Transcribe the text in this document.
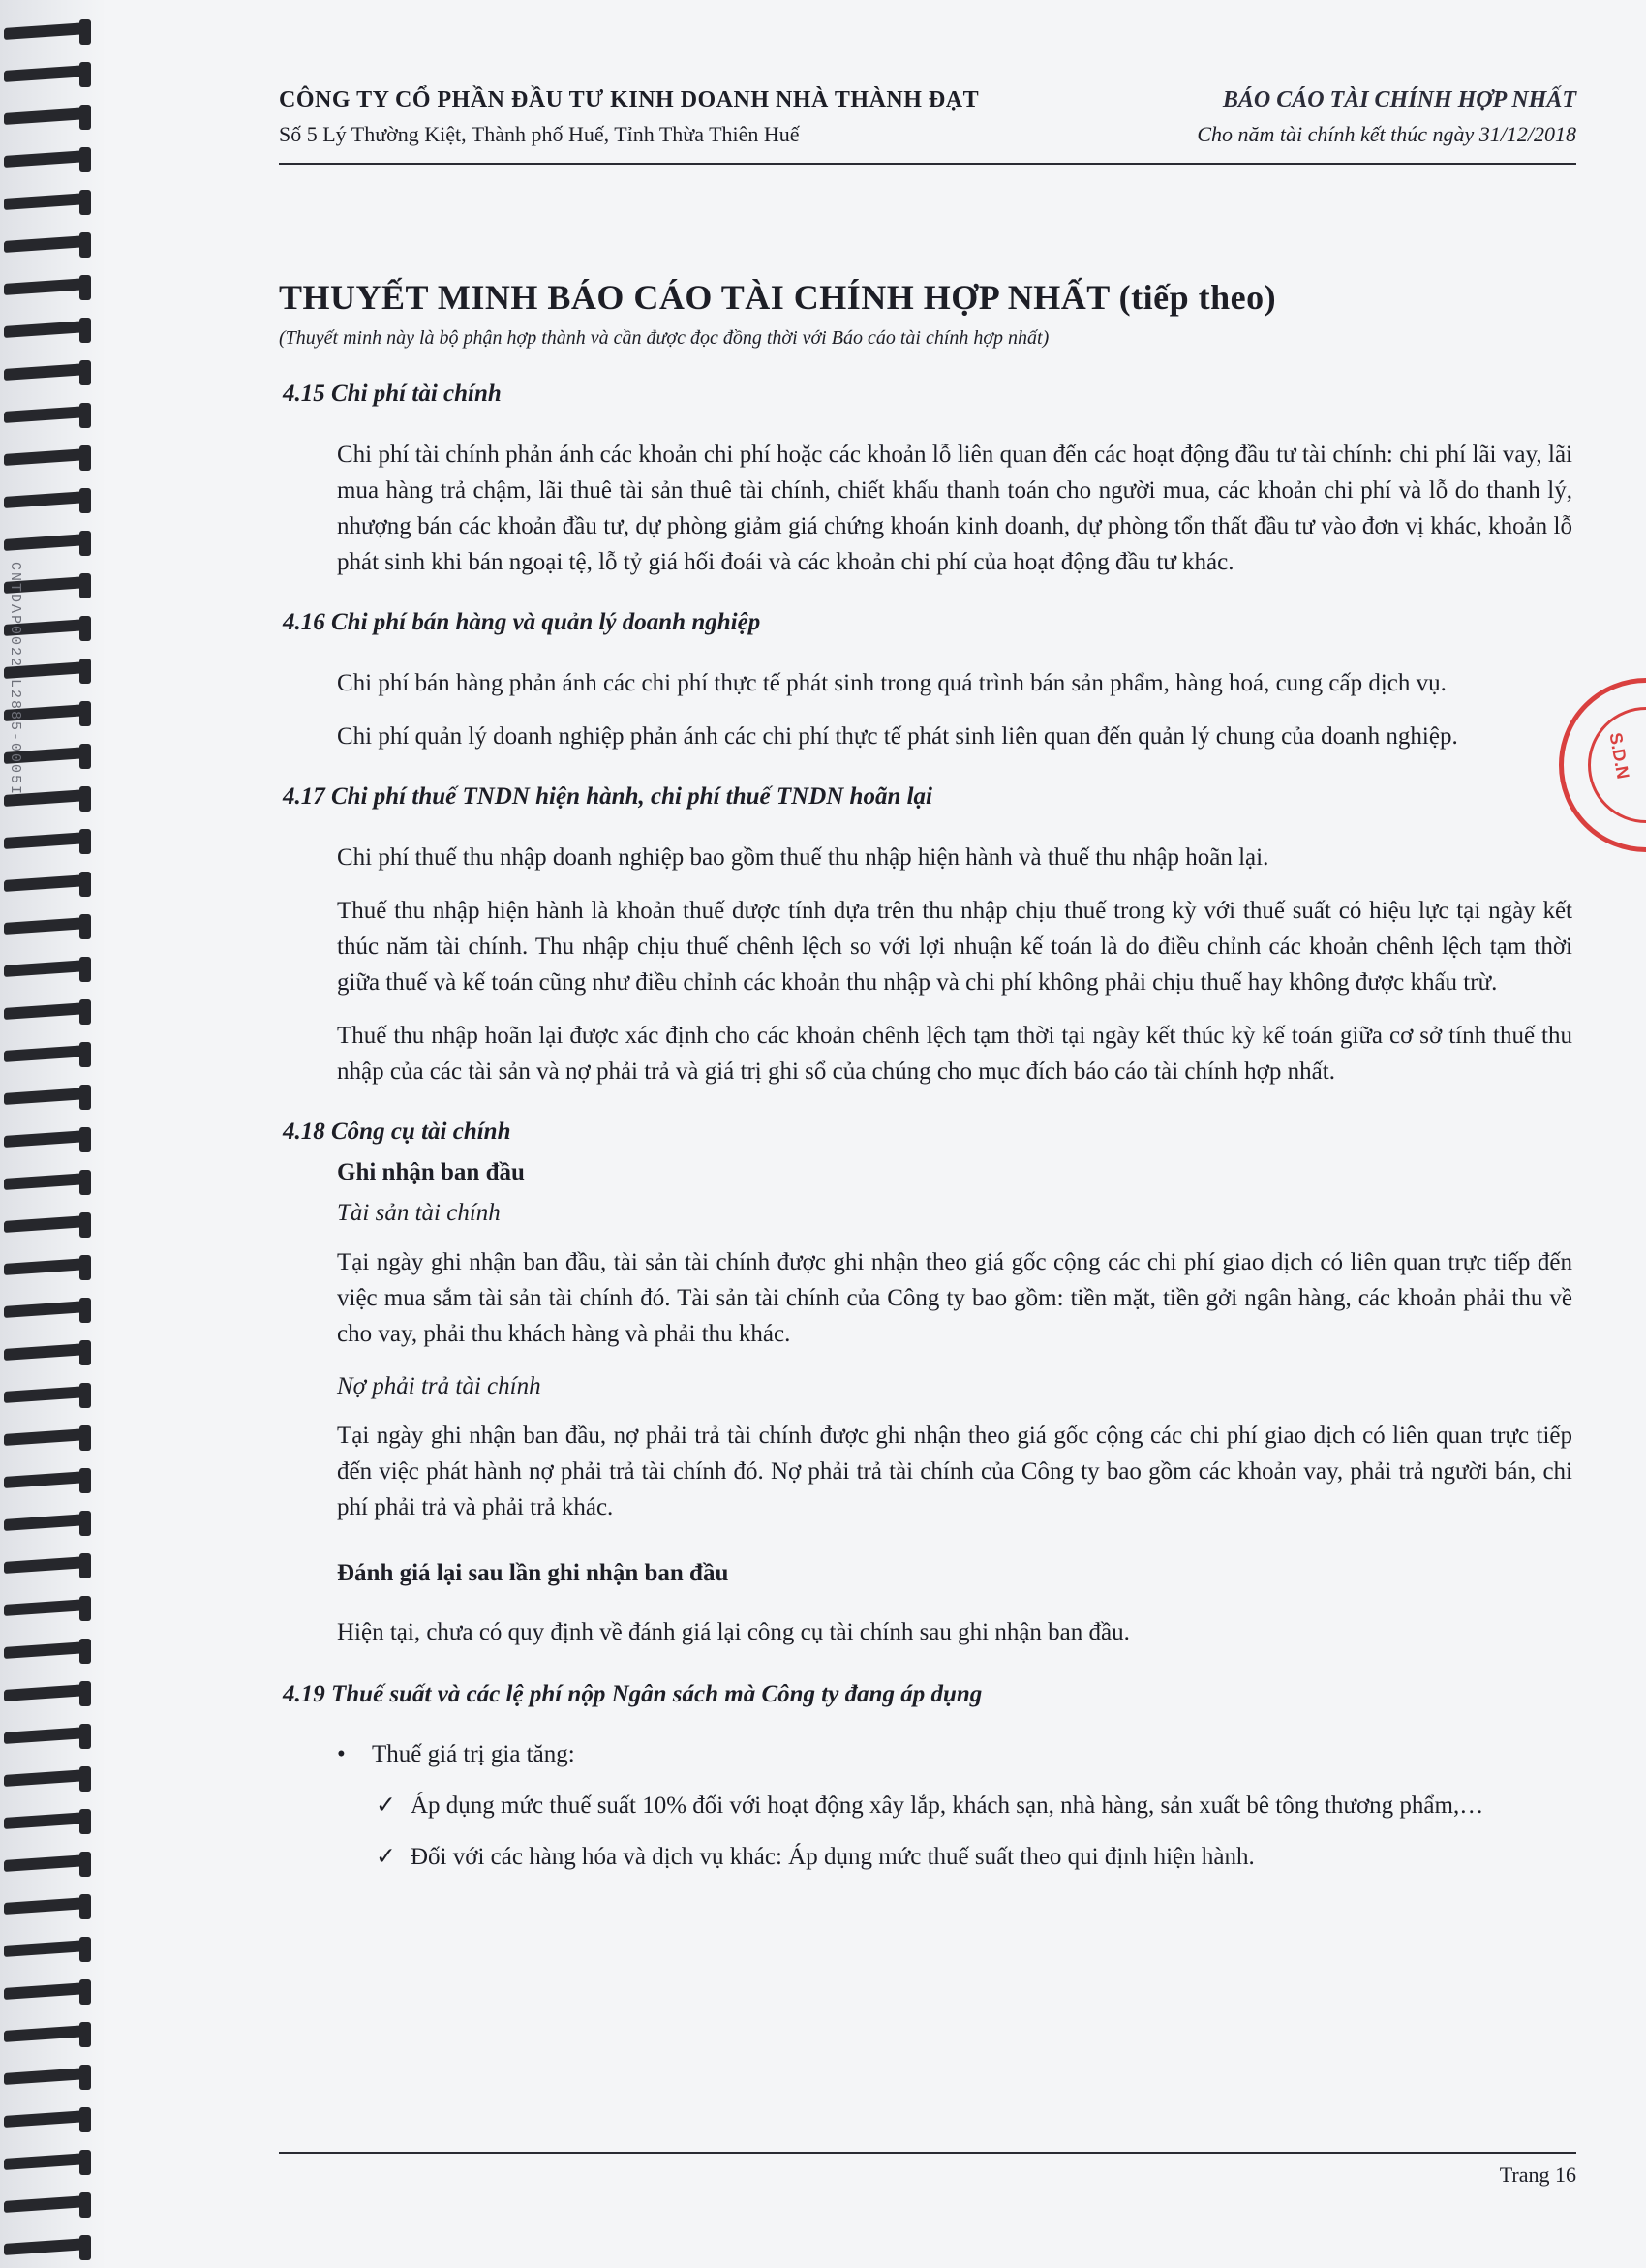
CNTDAP0022 L2885-0005I	S.D.N
CÔNG TY CỔ PHẦN ĐẦU TƯ KINH DOANH NHÀ THÀNH ĐẠT
Số 5 Lý Thường Kiệt, Thành phố Huế, Tỉnh Thừa Thiên Huế
BÁO CÁO TÀI CHÍNH HỢP NHẤT
Cho năm tài chính kết thúc ngày 31/12/2018
THUYẾT MINH BÁO CÁO TÀI CHÍNH HỢP NHẤT (tiếp theo)
(Thuyết minh này là bộ phận hợp thành và cần được đọc đồng thời với Báo cáo tài chính hợp nhất)
4.15 Chi phí tài chính
Chi phí tài chính phản ánh các khoản chi phí hoặc các khoản lỗ liên quan đến các hoạt động đầu tư tài chính: chi phí lãi vay, lãi mua hàng trả chậm, lãi thuê tài sản thuê tài chính, chiết khấu thanh toán cho người mua, các khoản chi phí và lỗ do thanh lý, nhượng bán các khoản đầu tư, dự phòng giảm giá chứng khoán kinh doanh, dự phòng tổn thất đầu tư vào đơn vị khác, khoản lỗ phát sinh khi bán ngoại tệ, lỗ tỷ giá hối đoái và các khoản chi phí của hoạt động đầu tư khác.
4.16 Chi phí bán hàng và quản lý doanh nghiệp
Chi phí bán hàng phản ánh các chi phí thực tế phát sinh trong quá trình bán sản phẩm, hàng hoá, cung cấp dịch vụ.
Chi phí quản lý doanh nghiệp phản ánh các chi phí thực tế phát sinh liên quan đến quản lý chung của doanh nghiệp.
4.17 Chi phí thuế TNDN hiện hành, chi phí thuế TNDN hoãn lại
Chi phí thuế thu nhập doanh nghiệp bao gồm thuế thu nhập hiện hành và thuế thu nhập hoãn lại.
Thuế thu nhập hiện hành là khoản thuế được tính dựa trên thu nhập chịu thuế trong kỳ với thuế suất có hiệu lực tại ngày kết thúc năm tài chính. Thu nhập chịu thuế chênh lệch so với lợi nhuận kế toán là do điều chỉnh các khoản chênh lệch tạm thời giữa thuế và kế toán cũng như điều chỉnh các khoản thu nhập và chi phí không phải chịu thuế hay không được khấu trừ.
Thuế thu nhập hoãn lại được xác định cho các khoản chênh lệch tạm thời tại ngày kết thúc kỳ kế toán giữa cơ sở tính thuế thu nhập của các tài sản và nợ phải trả và giá trị ghi sổ của chúng cho mục đích báo cáo tài chính hợp nhất.
4.18 Công cụ tài chính
Ghi nhận ban đầu
Tài sản tài chính
Tại ngày ghi nhận ban đầu, tài sản tài chính được ghi nhận theo giá gốc cộng các chi phí giao dịch có liên quan trực tiếp đến việc mua sắm tài sản tài chính đó. Tài sản tài chính của Công ty bao gồm: tiền mặt, tiền gởi ngân hàng, các khoản phải thu về cho vay, phải thu khách hàng và phải thu khác.
Nợ phải trả tài chính
Tại ngày ghi nhận ban đầu, nợ phải trả tài chính được ghi nhận theo giá gốc cộng các chi phí giao dịch có liên quan trực tiếp đến việc phát hành nợ phải trả tài chính đó. Nợ phải trả tài chính của Công ty bao gồm các khoản vay, phải trả người bán, chi phí phải trả và phải trả khác.
Đánh giá lại sau lần ghi nhận ban đầu
Hiện tại, chưa có quy định về đánh giá lại công cụ tài chính sau ghi nhận ban đầu.
4.19 Thuế suất và các lệ phí nộp Ngân sách mà Công ty đang áp dụng
•	Thuế giá trị gia tăng:
✓ Áp dụng mức thuế suất 10% đối với hoạt động xây lắp, khách sạn, nhà hàng, sản xuất bê tông thương phẩm,…
✓ Đối với các hàng hóa và dịch vụ khác: Áp dụng mức thuế suất theo qui định hiện hành.
Trang 16
